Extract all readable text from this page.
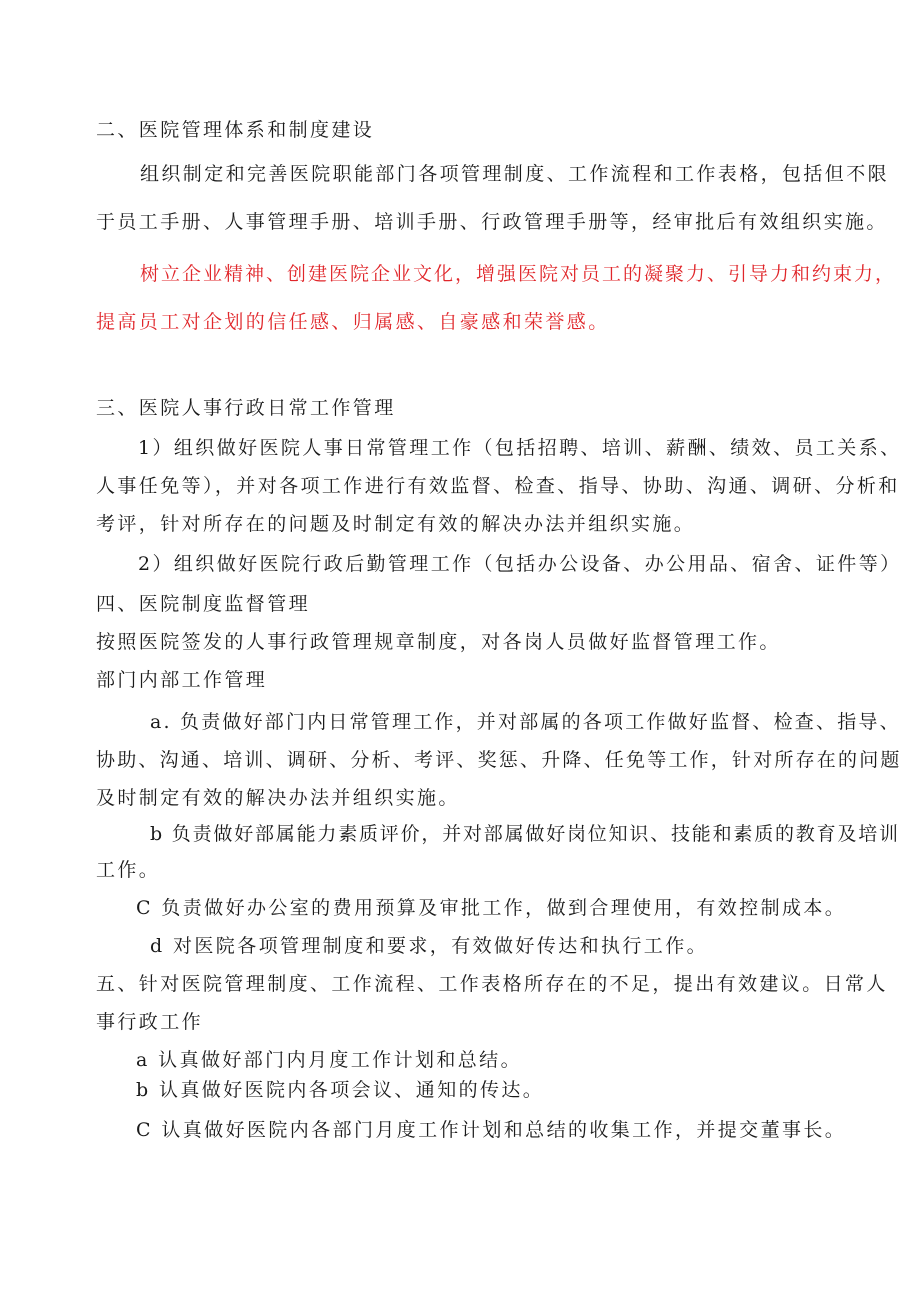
二、医院管理体系和制度建设
组织制定和完善医院职能部门各项管理制度、工作流程和工作表格，包括但不限
于员工手册、人事管理手册、培训手册、行政管理手册等，经审批后有效组织实施。
树立企业精神、创建医院企业文化，增强医院对员工的凝聚力、引导力和约束力，
提高员工对企划的信任感、归属感、自豪感和荣誉感。
三、医院人事行政日常工作管理
1）组织做好医院人事日常管理工作（包括招聘、培训、薪酬、绩效、员工关系、
人事任免等），并对各项工作进行有效监督、检查、指导、协助、沟通、调研、分析和
考评，针对所存在的问题及时制定有效的解决办法并组织实施。
2）组织做好医院行政后勤管理工作（包括办公设备、办公用品、宿舍、证件等）
四、医院制度监督管理
按照医院签发的人事行政管理规章制度，对各岗人员做好监督管理工作。
部门内部工作管理
a. 负责做好部门内日常管理工作，并对部属的各项工作做好监督、检查、指导、
协助、沟通、培训、调研、分析、考评、奖惩、升降、任免等工作，针对所存在的问题
及时制定有效的解决办法并组织实施。
b 负责做好部属能力素质评价，并对部属做好岗位知识、技能和素质的教育及培训
工作。
C 负责做好办公室的费用预算及审批工作，做到合理使用，有效控制成本。
d 对医院各项管理制度和要求，有效做好传达和执行工作。
五、针对医院管理制度、工作流程、工作表格所存在的不足，提出有效建议。日常人
事行政工作
a 认真做好部门内月度工作计划和总结。
b 认真做好医院内各项会议、通知的传达。
C 认真做好医院内各部门月度工作计划和总结的收集工作，并提交董事长。
